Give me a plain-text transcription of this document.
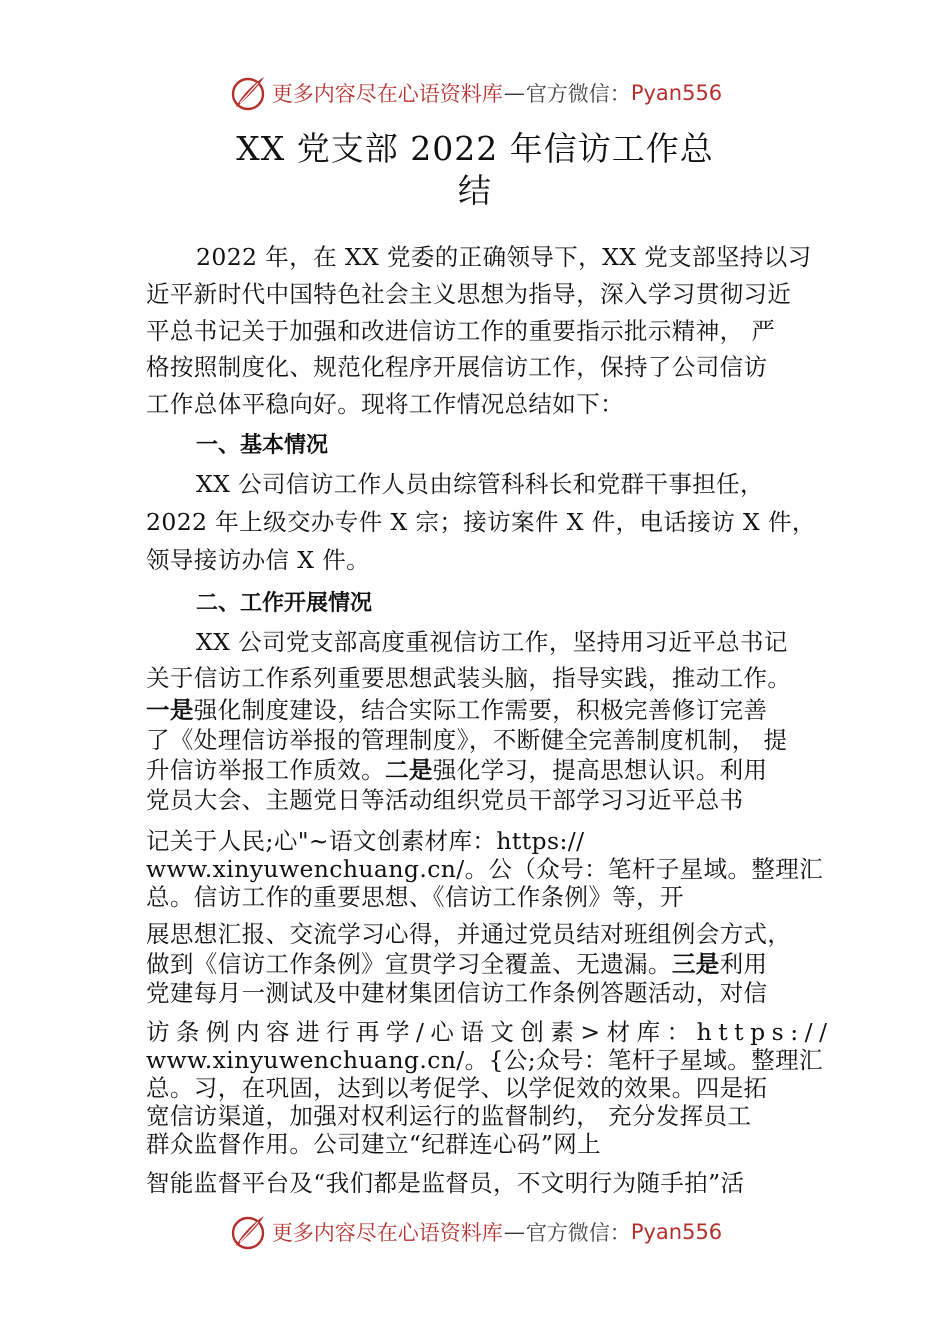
更多内容尽在心语资料库 — 官方微信： Pyan556
XX 党支部 2022 年信访工作总
结
2022 年，在 XX 党委的正确领导下，XX 党支部坚持以习
近平新时代中国特色社会主义思想为指导，深入学习贯彻习近
平总书记关于加强和改进信访工作的重要指示批示精神， 严
格按照制度化、规范化程序开展信访工作，保持了公司信访
工作总体平稳向好。现将工作情况总结如下：
一、基本情况
XX 公司信访工作人员由综管科科长和党群干事担任，
2022 年上级交办专件 X 宗；接访案件 X 件，电话接访 X 件，
领导接访办信 X 件。
二、工作开展情况
XX 公司党支部高度重视信访工作，坚持用习近平总书记
关于信访工作系列重要思想武装头脑，指导实践，推动工作。
一是强化制度建设，结合实际工作需要，积极完善修订完善
了《处理信访举报的管理制度》，不断健全完善制度机制， 提
升信访举报工作质效。二是强化学习，提高思想认识。利用
党员大会、主题党日等活动组织党员干部学习习近平总书
记关于人民;心"~语文创素材库：https://
www.xinyuwenchuang.cn/。公（众号：笔杆子星域。整理汇
总。信访工作的重要思想、《信访工作条例》等，开
展思想汇报、交流学习心得，并通过党员结对班组例会方式，
做到《信访工作条例》宣贯学习全覆盖、无遗漏。三是利用
党建每月一测试及中建材集团信访工作条例答题活动，对信
访条例内容进行再学/心语文创素>材库：https://
www.xinyuwenchuang.cn/。{公;众号：笔杆子星域。整理汇
总。习，在巩固，达到以考促学、以学促效的效果。四是拓
宽信访渠道，加强对权利运行的监督制约， 充分发挥员工
群众监督作用。公司建立“纪群连心码”网上
智能监督平台及“我们都是监督员，不文明行为随手拍”活
更多内容尽在心语资料库 — 官方微信： Pyan556
